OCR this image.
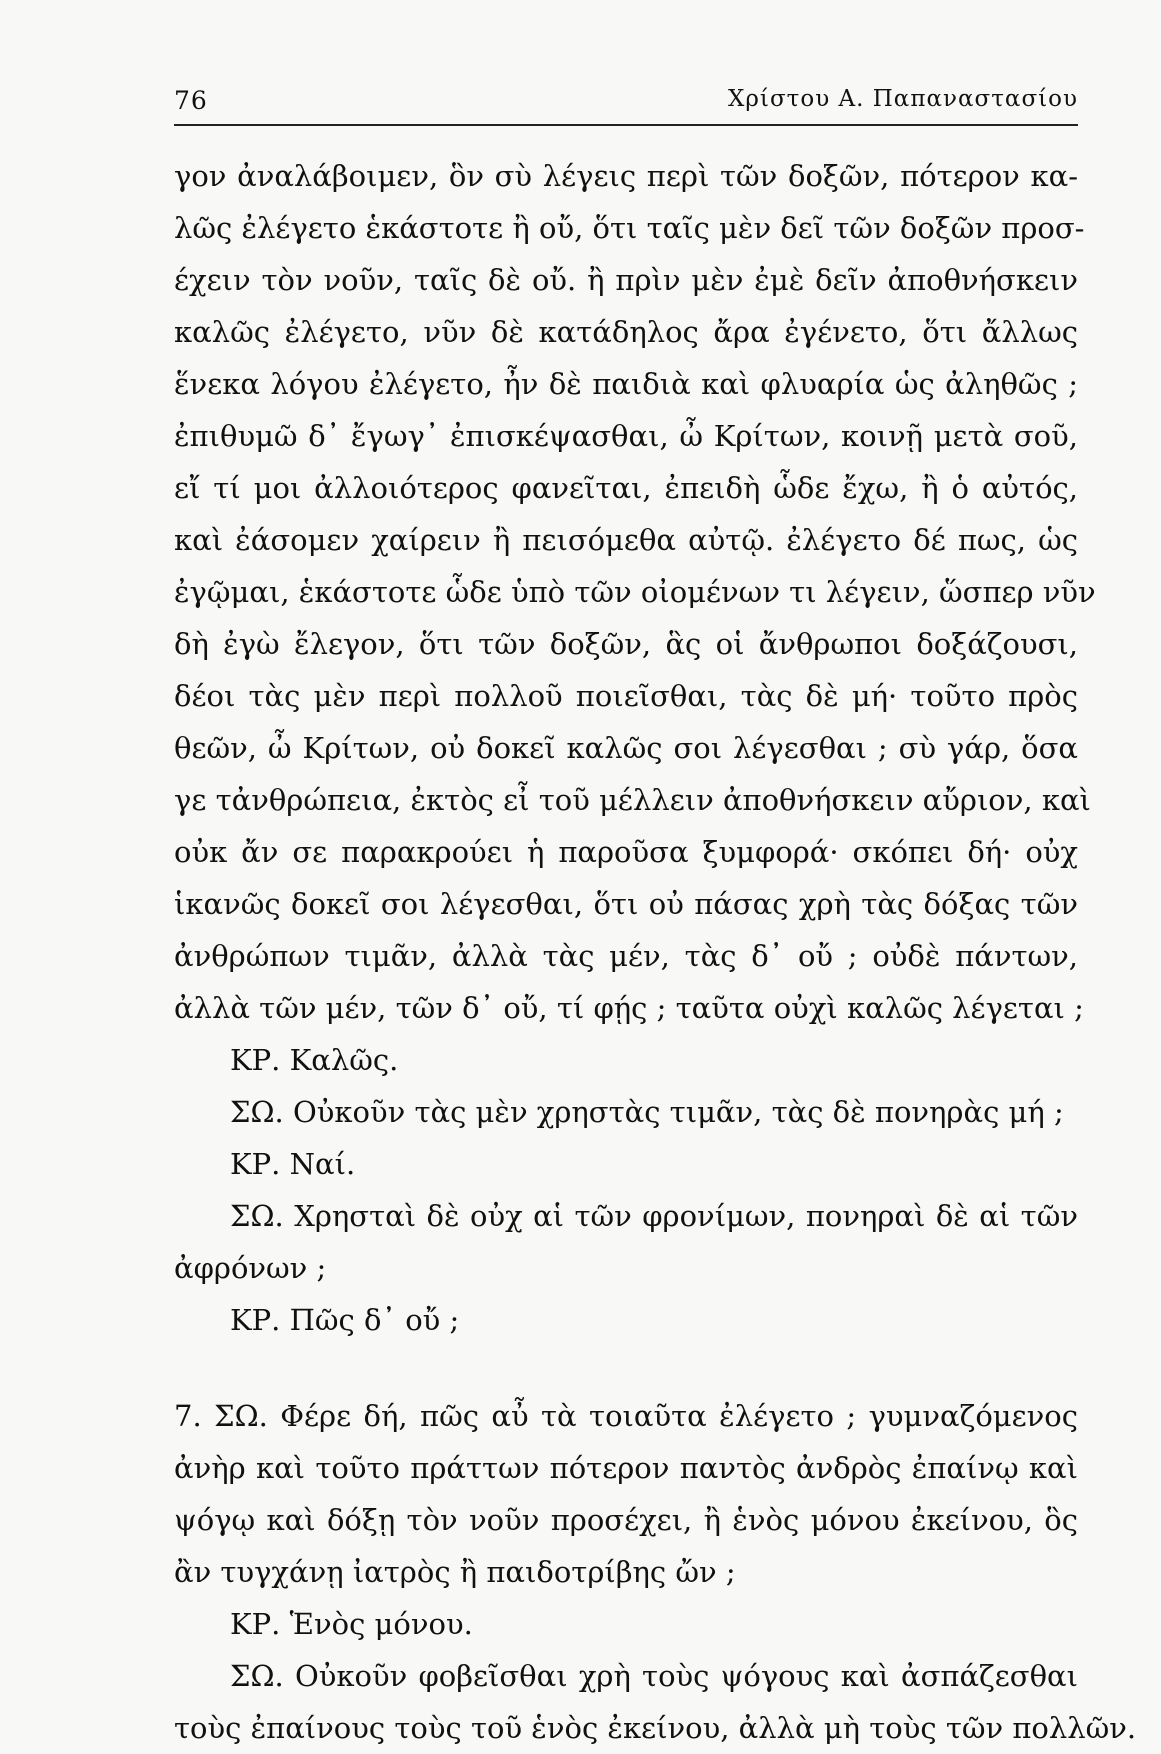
76	Χρίστου Α. Παπαναστασίου
γον ἀναλάβοιμεν, ὃν σὺ λέγεις περὶ τῶν δοξῶν, πότερον κα-
λῶς ἐλέγετο ἑκάστοτε ἢ οὔ, ὅτι ταῖς μὲν δεῖ τῶν δοξῶν προσ-
έχειν τὸν νοῦν, ταῖς δὲ οὔ. ἢ πρὶν μὲν ἐμὲ δεῖν ἀποθνήσκειν
καλῶς ἐλέγετο, νῦν δὲ κατάδηλος ἄρα ἐγένετο, ὅτι ἄλλως
ἕνεκα λόγου ἐλέγετο, ἦν δὲ παιδιὰ καὶ φλυαρία ὡς ἀληθῶς ;
ἐπιθυμῶ δ᾿ ἔγωγ᾿ ἐπισκέψασθαι, ὦ Κρίτων, κοινῇ μετὰ σοῦ,
εἴ τί μοι ἀλλοιότερος φανεῖται, ἐπειδὴ ὧδε ἔχω, ἢ ὁ αὐτός,
καὶ ἐάσομεν χαίρειν ἢ πεισόμεθα αὐτῷ. ἐλέγετο δέ πως, ὡς
ἐγῷμαι, ἑκάστοτε ὧδε ὑπὸ τῶν οἰομένων τι λέγειν, ὥσπερ νῦν
δὴ ἐγὼ ἔλεγον, ὅτι τῶν δοξῶν, ἃς οἱ ἄνθρωποι δοξάζουσι,
δέοι τὰς μὲν περὶ πολλοῦ ποιεῖσθαι, τὰς δὲ μή· τοῦτο πρὸς
θεῶν, ὦ Κρίτων, οὐ δοκεῖ καλῶς σοι λέγεσθαι ; σὺ γάρ, ὅσα
γε τἀνθρώπεια, ἐκτὸς εἶ τοῦ μέλλειν ἀποθνήσκειν αὔριον, καὶ
οὐκ ἄν σε παρακρούει ἡ παροῦσα ξυμφορά· σκόπει δή· οὐχ
ἱκανῶς δοκεῖ σοι λέγεσθαι, ὅτι οὐ πάσας χρὴ τὰς δόξας τῶν
ἀνθρώπων τιμᾶν, ἀλλὰ τὰς μέν, τὰς δ᾿ οὔ ; οὐδὲ πάντων,
ἀλλὰ τῶν μέν, τῶν δ᾿ οὔ, τί φῄς ; ταῦτα οὐχὶ καλῶς λέγεται ;
ΚΡ. Καλῶς.
ΣΩ. Οὐκοῦν τὰς μὲν χρηστὰς τιμᾶν, τὰς δὲ πονηρὰς μή ;
ΚΡ. Ναί.
ΣΩ. Χρησταὶ δὲ οὐχ αἱ τῶν φρονίμων, πονηραὶ δὲ αἱ τῶν
ἀφρόνων ;
ΚΡ. Πῶς δ᾿ οὔ ;
7. ΣΩ. Φέρε δή, πῶς αὖ τὰ τοιαῦτα ἐλέγετο ; γυμναζόμενος
ἀνὴρ καὶ τοῦτο πράττων πότερον παντὸς ἀνδρὸς ἐπαίνῳ καὶ
ψόγῳ καὶ δόξῃ τὸν νοῦν προσέχει, ἢ ἑνὸς μόνου ἐκείνου, ὃς
ἂν τυγχάνῃ ἰατρὸς ἢ παιδοτρίβης ὤν ;
ΚΡ. Ἑνὸς μόνου.
ΣΩ. Οὐκοῦν φοβεῖσθαι χρὴ τοὺς ψόγους καὶ ἀσπάζεσθαι
τοὺς ἐπαίνους τοὺς τοῦ ἑνὸς ἐκείνου, ἀλλὰ μὴ τοὺς τῶν πολλῶν.
